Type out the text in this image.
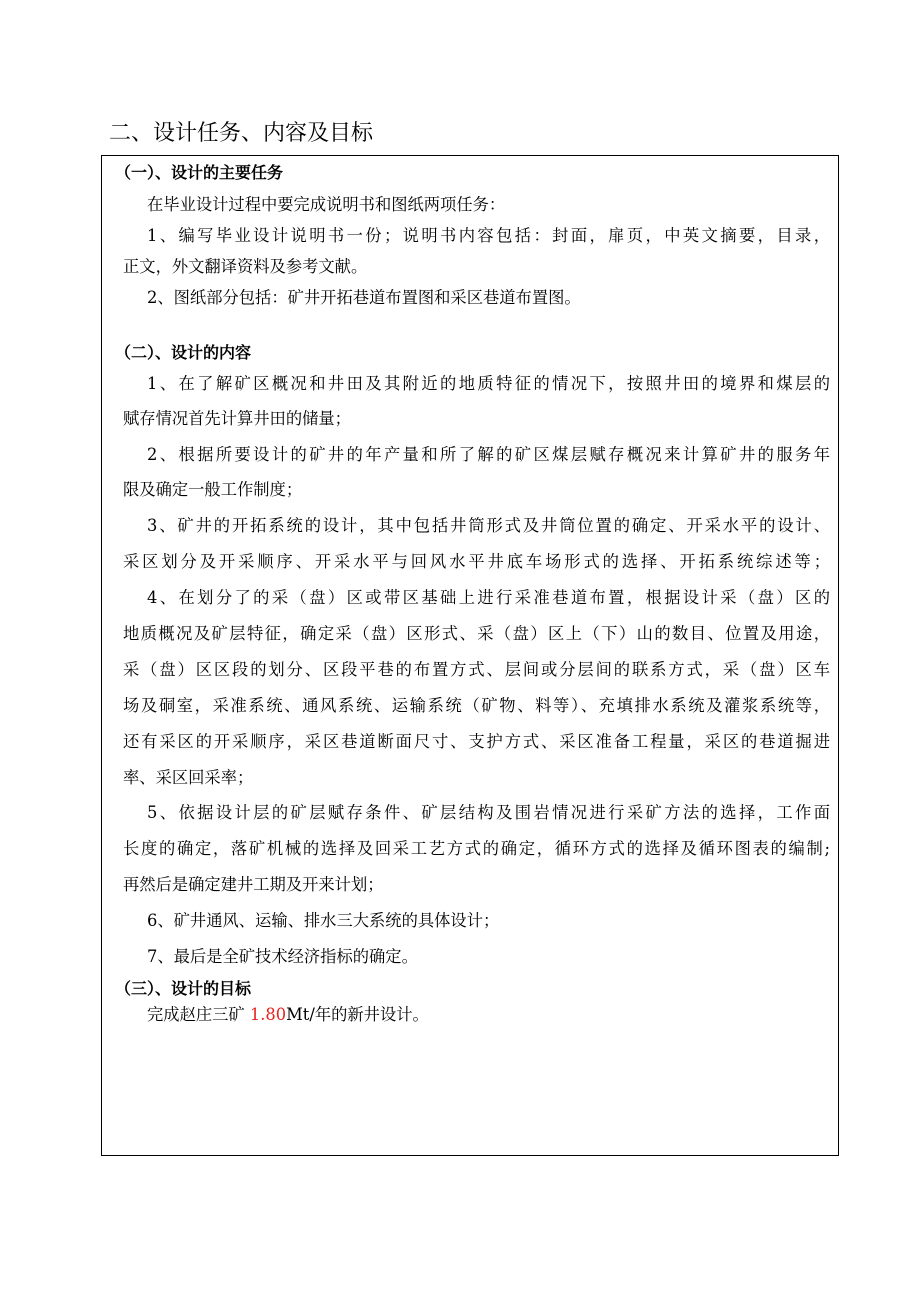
二、设计任务、内容及目标
（一）、设计的主要任务
在毕业设计过程中要完成说明书和图纸两项任务：
1、编写毕业设计说明书一份；说明书内容包括：封面，扉页，中英文摘要，目录，
正文，外文翻译资料及参考文献。
2、图纸部分包括：矿井开拓巷道布置图和采区巷道布置图。
（二）、设计的内容
1、在了解矿区概况和井田及其附近的地质特征的情况下，按照井田的境界和煤层的
赋存情况首先计算井田的储量；
2、根据所要设计的矿井的年产量和所了解的矿区煤层赋存概况来计算矿井的服务年
限及确定一般工作制度；
3、矿井的开拓系统的设计，其中包括井筒形式及井筒位置的确定、开采水平的设计、
采区划分及开采顺序、开采水平与回风水平井底车场形式的选择、开拓系统综述等；
4、在划分了的采（盘）区或带区基础上进行采准巷道布置，根据设计采（盘）区的
地质概况及矿层特征，确定采（盘）区形式、采（盘）区上（下）山的数目、位置及用途，
采（盘）区区段的划分、区段平巷的布置方式、层间或分层间的联系方式，采（盘）区车
场及硐室，采准系统、通风系统、运输系统（矿物、料等）、充填排水系统及灌浆系统等，
还有采区的开采顺序，采区巷道断面尺寸、支护方式、采区准备工程量，采区的巷道掘进
率、采区回采率；
5、依据设计层的矿层赋存条件、矿层结构及围岩情况进行采矿方法的选择，工作面
长度的确定，落矿机械的选择及回采工艺方式的确定，循环方式的选择及循环图表的编制;
再然后是确定建井工期及开来计划；
6、矿井通风、运输、排水三大系统的具体设计；
7、最后是全矿技术经济指标的确定。
（三）、设计的目标
完成赵庄三矿 1.80Mt/年的新井设计。
